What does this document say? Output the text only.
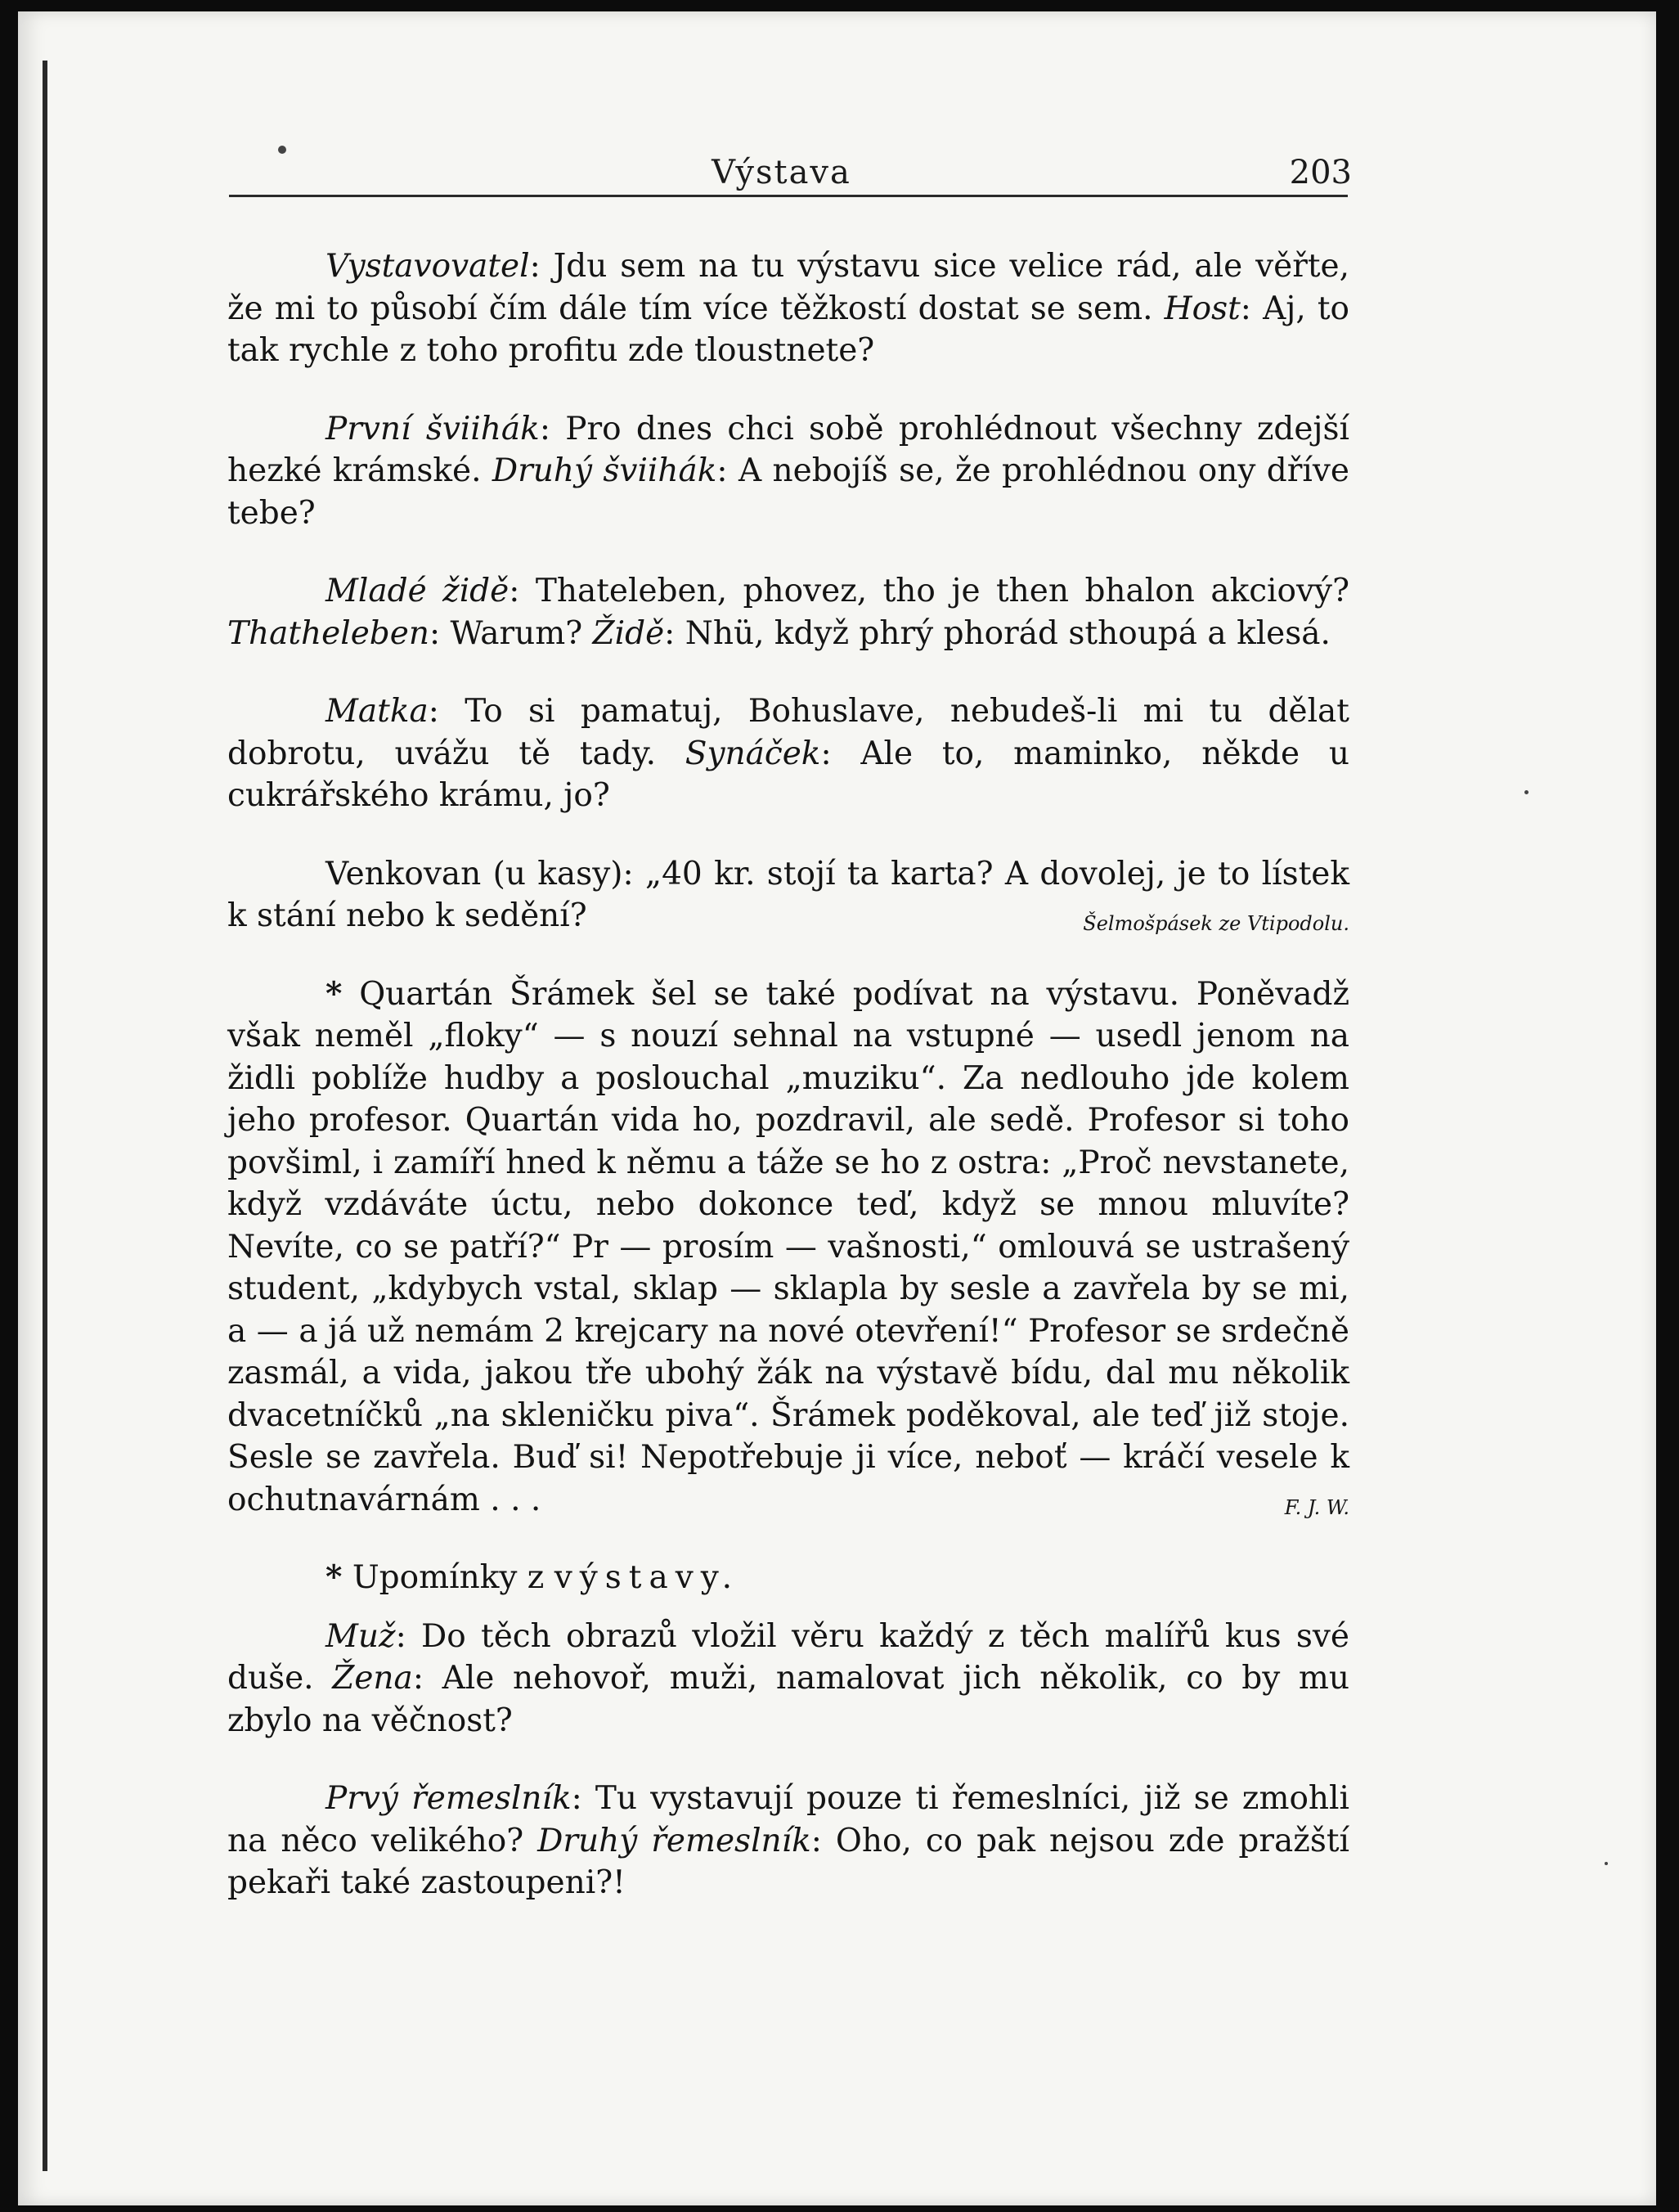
Výstava	203

Vystavovatel: Jdu sem na tu výstavu sice velice rád, ale věřte, že mi to působí čím dále tím více těžkostí dostat se sem. Host: Aj, to tak rychle z toho profitu zde tloustnete?

První šviihák: Pro dnes chci sobě prohlédnout všechny zdejší hezké krámské. Druhý šviihák: A nebojíš se, že prohlédnou ony dříve tebe?

Mladé židě: Thateleben, phovez, tho je then bhalon akciový? Thatheleben: Warum? Židě: Nhü, když phrý phorád sthoupá a klesá.

Matka: To si pamatuj, Bohuslave, nebudeš-li mi tu dělat dobrotu, uvážu tě tady. Synáček: Ale to, maminko, někde u cukrářského krámu, jo?

Venkovan (u kasy): „40 kr. stojí ta karta? A dovolej, je to lístek k stání nebo k sedění?	Šelmošpásek ze Vtipodolu.

* Quartán Šrámek šel se také podívat na výstavu. Poněvadž však neměl „floky“ — s nouzí sehnal na vstupné — usedl jenom na židli poblíže hudby a poslouchal „muziku“. Za nedlouho jde kolem jeho profesor. Quartán vida ho, pozdravil, ale sedě. Profesor si toho povšiml, i zamíří hned k němu a táže se ho z ostra: „Proč nevstanete, když vzdáváte úctu, nebo dokonce teď, když se mnou mluvíte? Nevíte, co se patří?“ Pr — prosím — vašnosti,“ omlouvá se ustrašený student, „kdybych vstal, sklap — sklapla by sesle a zavřela by se mi, a — a já už nemám 2 krejcary na nové otevření!“ Profesor se srdečně zasmál, a vida, jakou tře ubohý žák na výstavě bídu, dal mu několik dvacetníčků „na skleničku piva“. Šrámek poděkoval, ale teď již stoje. Sesle se zavřela. Buď si! Nepotřebuje ji více, neboť — kráčí vesele k ochutnavárnám . . .	F. J. W.

* Upomínky z výstavy.

Muž: Do těch obrazů vložil věru každý z těch malířů kus své duše. Žena: Ale nehovoř, muži, namalovat jich několik, co by mu zbylo na věčnost?

Prvý řemeslník: Tu vystavují pouze ti řemeslníci, již se zmohli na něco velikého? Druhý řemeslník: Oho, co pak nejsou zde pražští pekaři také zastoupeni?!
